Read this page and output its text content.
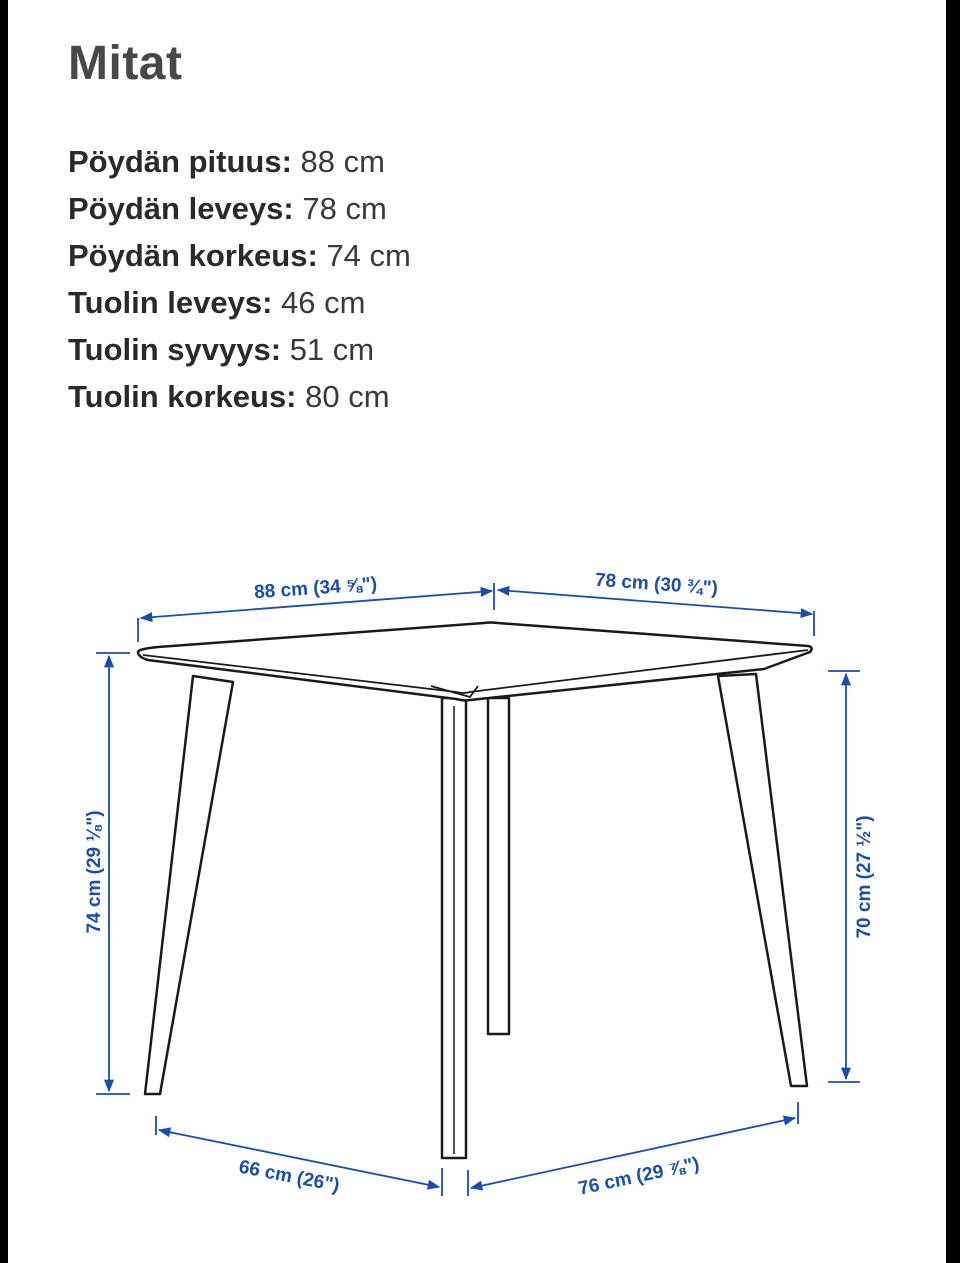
Mitat
Pöydän pituus: 88 cm
Pöydän leveys: 78 cm
Pöydän korkeus: 74 cm
Tuolin leveys: 46 cm
Tuolin syvyys: 51 cm
Tuolin korkeus: 80 cm
88 cm (34 ⅝")	78 cm (30 ¾")
74 cm (29 ⅛")	70 cm (27 ½")
66 cm (26")	76 cm (29 ⅞")
